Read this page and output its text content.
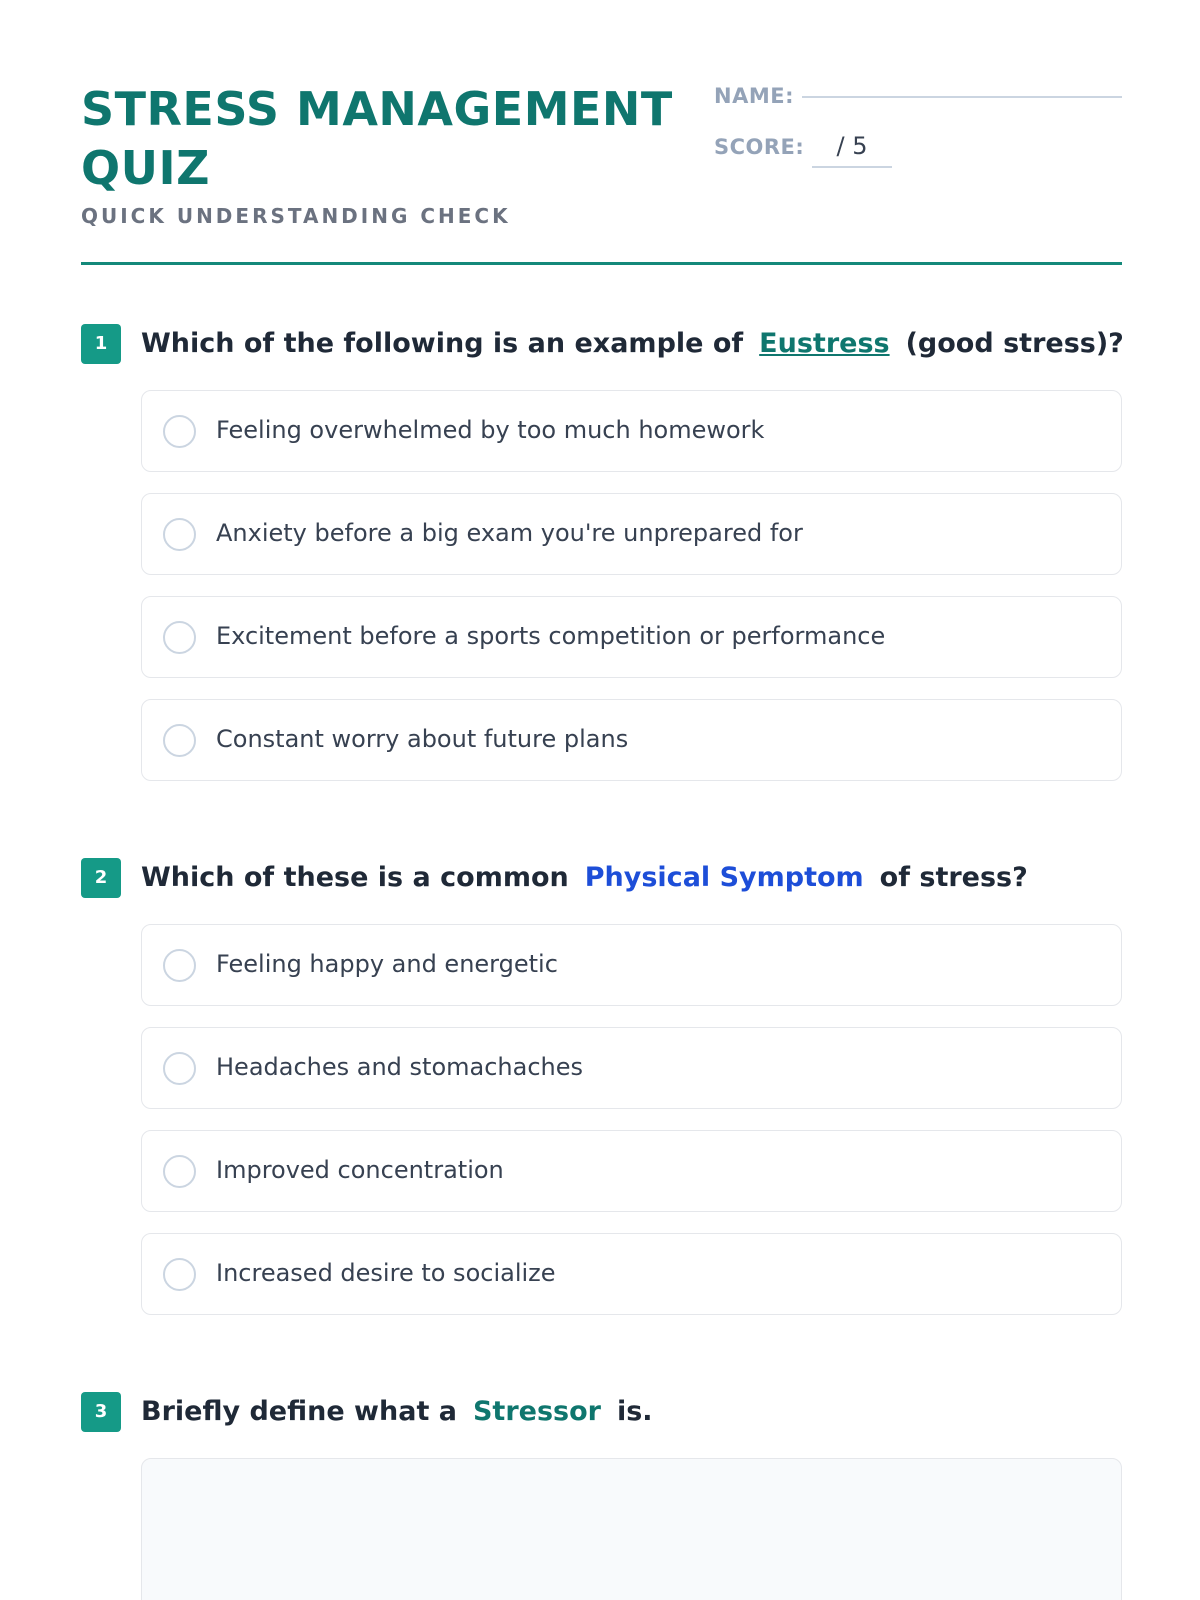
STRESS MANAGEMENT QUIZ
QUICK UNDERSTANDING CHECK
NAME:
SCORE:	/ 5
1	Which of the following is an example of Eustress (good stress)?
Feeling overwhelmed by too much homework
Anxiety before a big exam you're unprepared for
Excitement before a sports competition or performance
Constant worry about future plans
2	Which of these is a common Physical Symptom of stress?
Feeling happy and energetic
Headaches and stomachaches
Improved concentration
Increased desire to socialize
3	Briefly define what a Stressor is.
